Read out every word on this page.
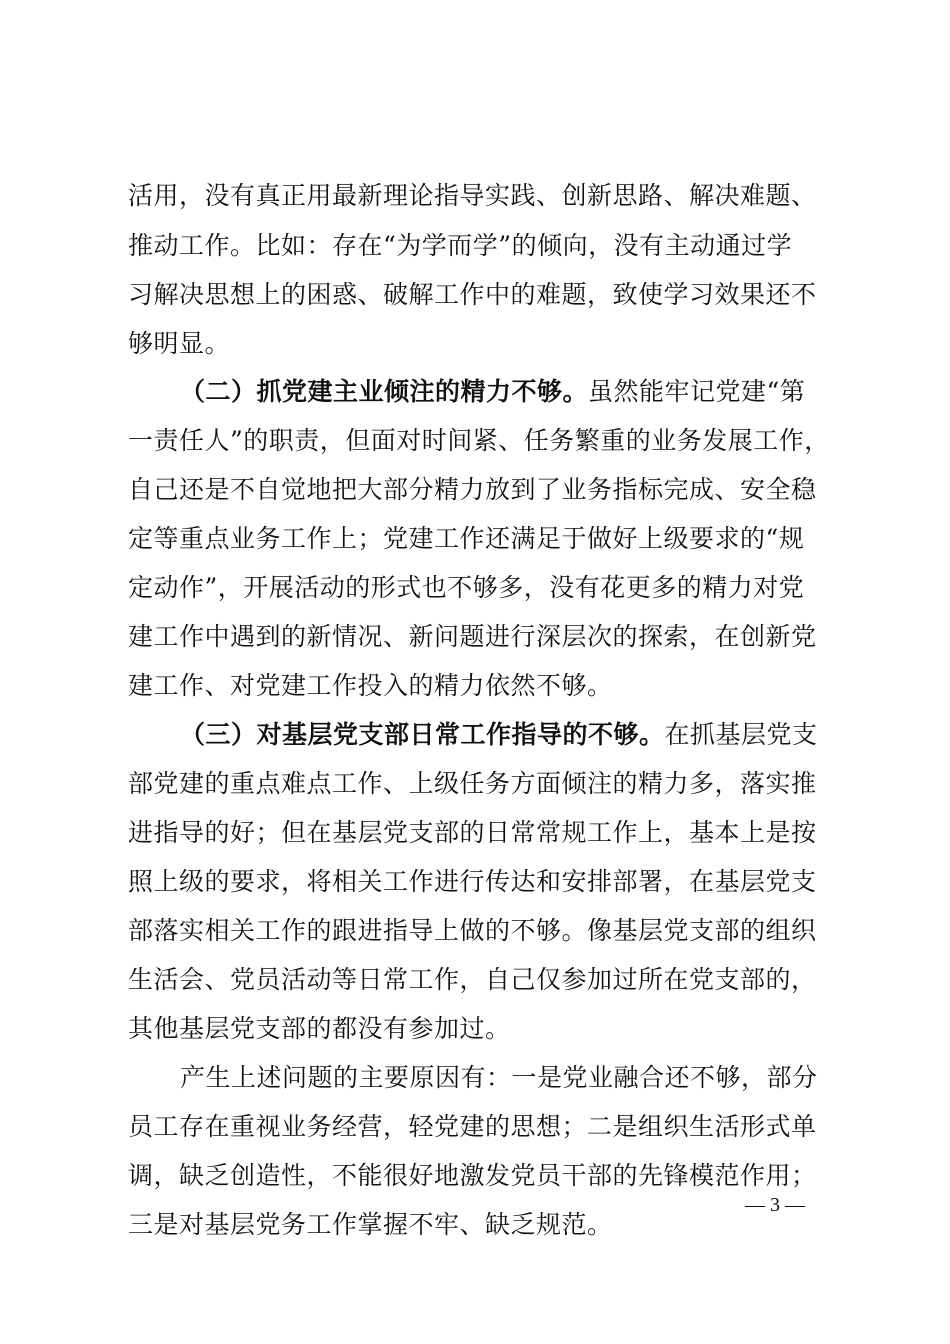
活用，没有真正用最新理论指导实践、创新思路、解决难题、
推动工作。比如：存在“为学而学”的倾向，没有主动通过学
习解决思想上的困惑、破解工作中的难题，致使学习效果还不
够明显。
（二）抓党建主业倾注的精力不够。虽然能牢记党建“第
一责任人”的职责，但面对时间紧、任务繁重的业务发展工作，
自己还是不自觉地把大部分精力放到了业务指标完成、安全稳
定等重点业务工作上；党建工作还满足于做好上级要求的“规
定动作”，开展活动的形式也不够多，没有花更多的精力对党
建工作中遇到的新情况、新问题进行深层次的探索，在创新党
建工作、对党建工作投入的精力依然不够。
（三）对基层党支部日常工作指导的不够。在抓基层党支
部党建的重点难点工作、上级任务方面倾注的精力多，落实推
进指导的好；但在基层党支部的日常常规工作上，基本上是按
照上级的要求，将相关工作进行传达和安排部署，在基层党支
部落实相关工作的跟进指导上做的不够。像基层党支部的组织
生活会、党员活动等日常工作，自己仅参加过所在党支部的，
其他基层党支部的都没有参加过。
产生上述问题的主要原因有：一是党业融合还不够，部分
员工存在重视业务经营，轻党建的思想；二是组织生活形式单
调，缺乏创造性，不能很好地激发党员干部的先锋模范作用；
三是对基层党务工作掌握不牢、缺乏规范。
— 3 —
